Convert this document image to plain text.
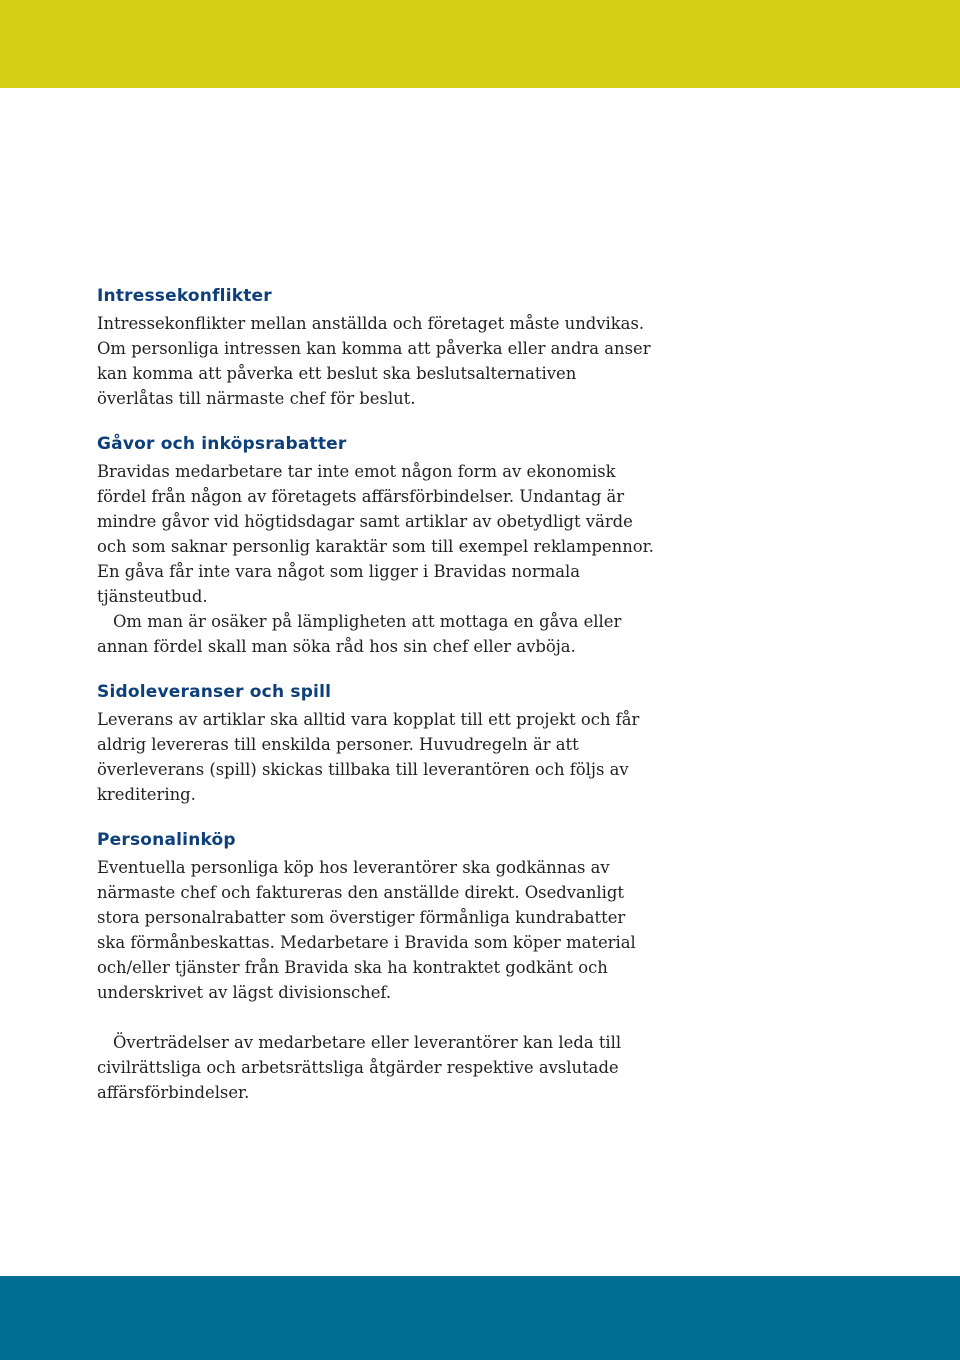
Intressekonflikter

Intressekonflikter mellan anställda och företaget måste undvikas. Om personliga intressen kan komma att påverka eller andra anser kan komma att påverka ett beslut ska beslutsalternativen överlåtas till närmaste chef för beslut.

Gåvor och inköpsrabatter

Bravidas medarbetare tar inte emot någon form av ekonomisk fördel från någon av företagets affärsförbindelser. Undantag är mindre gåvor vid högtidsdagar samt artiklar av obetydligt värde och som saknar personlig karaktär som till exempel reklampennor. En gåva får inte vara något som ligger i Bravidas normala tjänsteutbud.

Om man är osäker på lämpligheten att mottaga en gåva eller annan fördel skall man söka råd hos sin chef eller avböja.

Sidoleveranser och spill

Leverans av artiklar ska alltid vara kopplat till ett projekt och får aldrig levereras till enskilda personer. Huvudregeln är att överleverans (spill) skickas tillbaka till leverantören och följs av kreditering.

Personalinköp

Eventuella personliga köp hos leverantörer ska godkännas av närmaste chef och faktureras den anställde direkt. Osedvanligt stora personalrabatter som överstiger förmånliga kundrabatter ska förmånbeskattas. Medarbetare i Bravida som köper material och/eller tjänster från Bravida ska ha kontraktet godkänt och underskrivet av lägst divisionschef.

Överträdelser av medarbetare eller leverantörer kan leda till civilrättsliga och arbetsrättsliga åtgärder respektive avslutade affärsförbindelser.
